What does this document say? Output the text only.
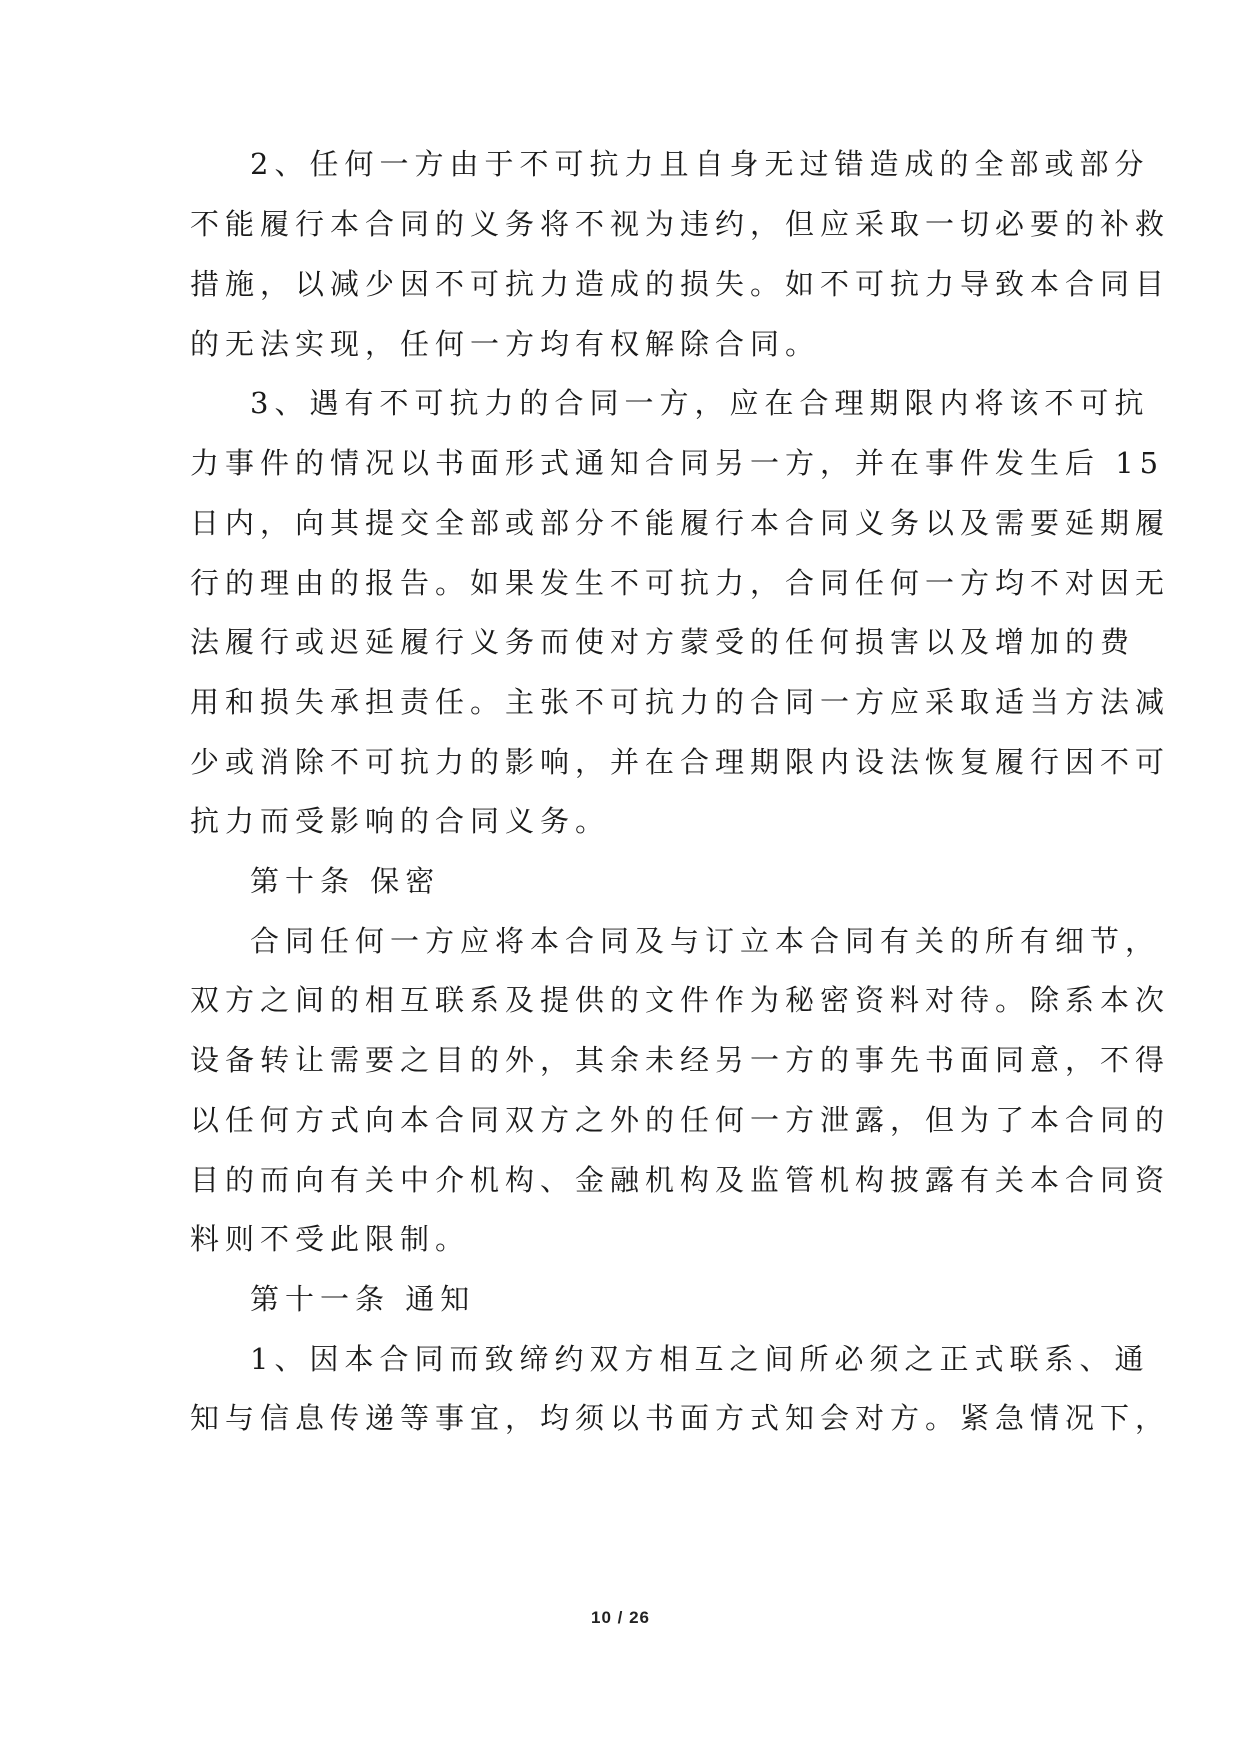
2、任何一方由于不可抗力且自身无过错造成的全部或部分
不能履行本合同的义务将不视为违约，但应采取一切必要的补救
措施，以减少因不可抗力造成的损失。如不可抗力导致本合同目
的无法实现，任何一方均有权解除合同。
3、遇有不可抗力的合同一方，应在合理期限内将该不可抗
力事件的情况以书面形式通知合同另一方，并在事件发生后 15
日内，向其提交全部或部分不能履行本合同义务以及需要延期履
行的理由的报告。如果发生不可抗力，合同任何一方均不对因无
法履行或迟延履行义务而使对方蒙受的任何损害以及增加的费
用和损失承担责任。主张不可抗力的合同一方应采取适当方法减
少或消除不可抗力的影响，并在合理期限内设法恢复履行因不可
抗力而受影响的合同义务。
第十条 保密
合同任何一方应将本合同及与订立本合同有关的所有细节，
双方之间的相互联系及提供的文件作为秘密资料对待。除系本次
设备转让需要之目的外，其余未经另一方的事先书面同意，不得
以任何方式向本合同双方之外的任何一方泄露，但为了本合同的
目的而向有关中介机构、金融机构及监管机构披露有关本合同资
料则不受此限制。
第十一条 通知
1、因本合同而致缔约双方相互之间所必须之正式联系、通
知与信息传递等事宜，均须以书面方式知会对方。紧急情况下，
10 / 26
